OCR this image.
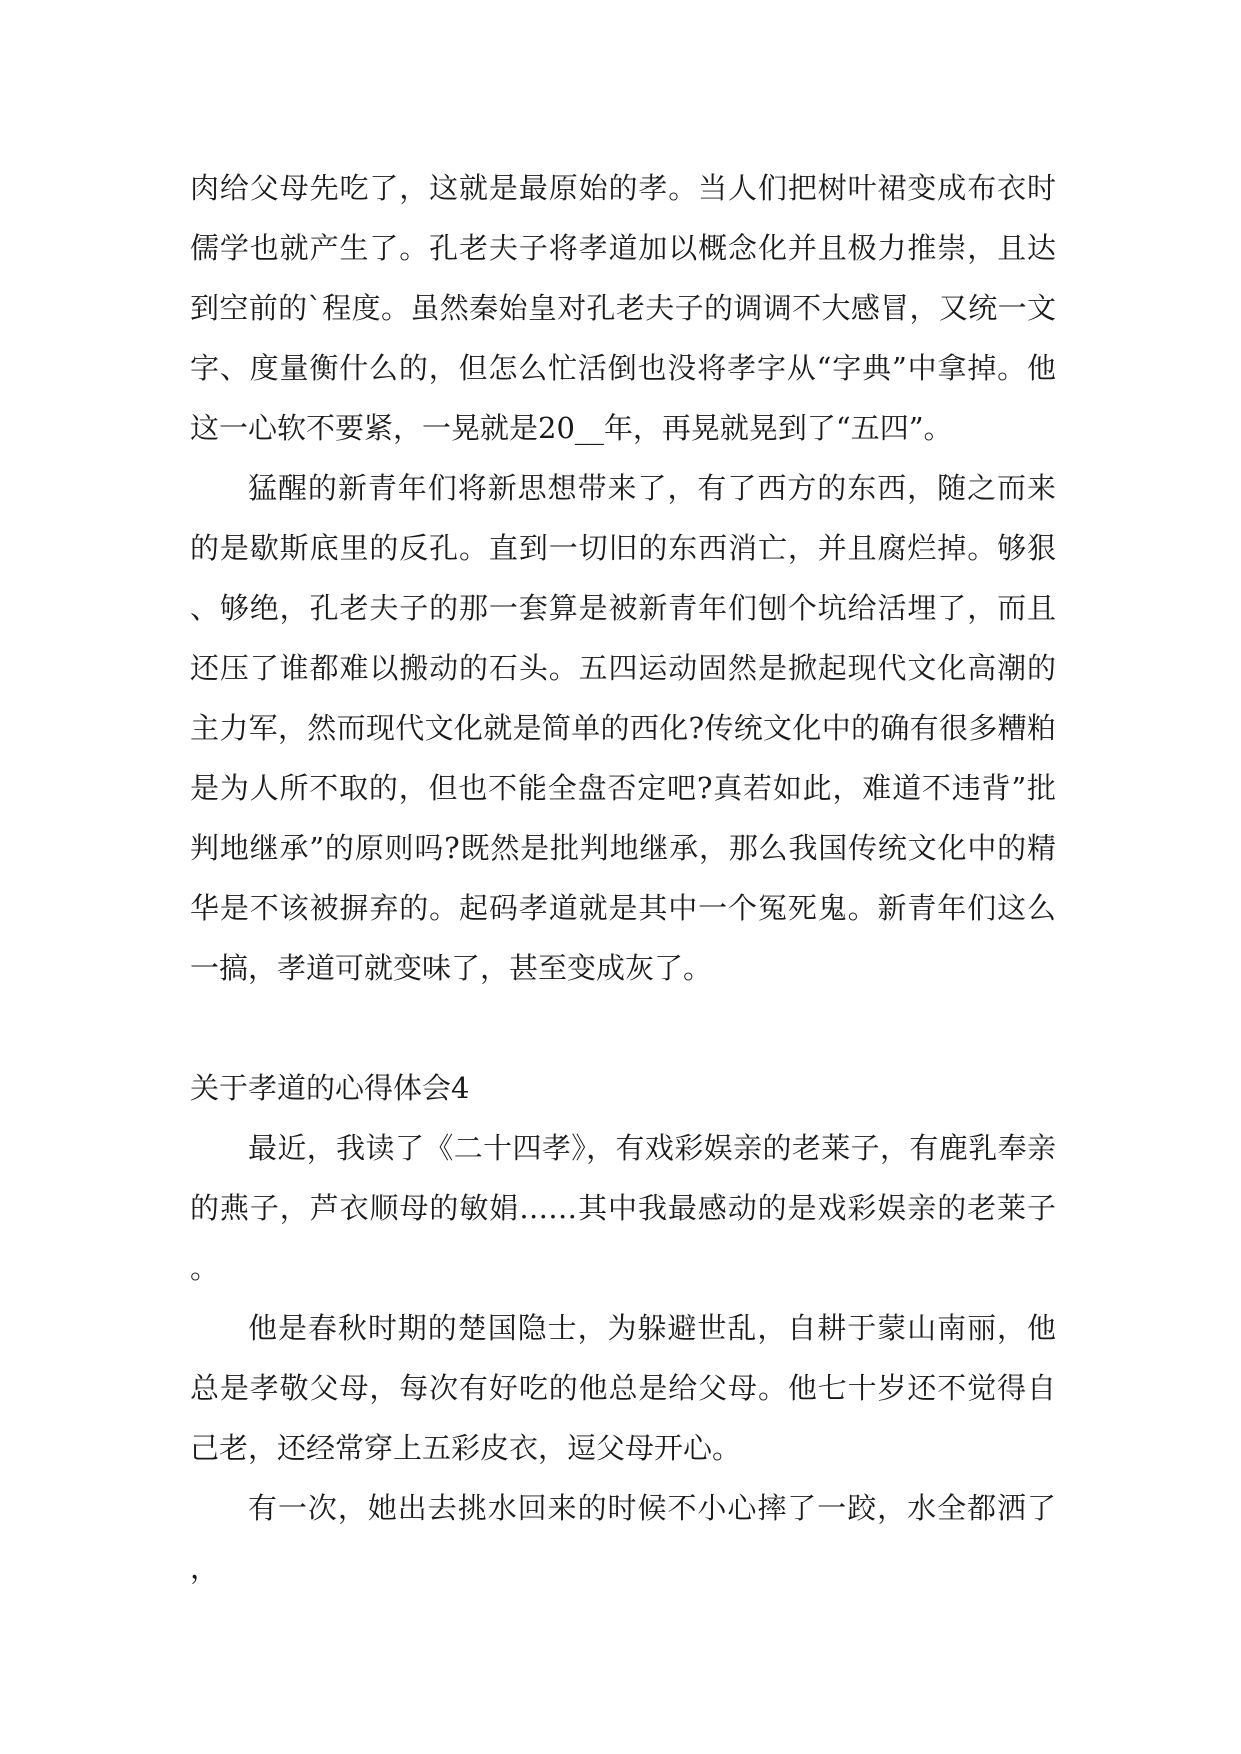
肉给父母先吃了，这就是最原始的孝。当人们把树叶裙变成布衣时儒学也就产生了。孔老夫子将孝道加以概念化并且极力推崇，且达到空前的`程度。虽然秦始皇对孔老夫子的调调不大感冒，又统一文字、度量衡什么的，但怎么忙活倒也没将孝字从“字典”中拿掉。他这一心软不要紧，一晃就是20__年，再晃就晃到了“五四”。

猛醒的新青年们将新思想带来了，有了西方的东西，随之而来的是歇斯底里的反孔。直到一切旧的东西消亡，并且腐烂掉。够狠、够绝，孔老夫子的那一套算是被新青年们刨个坑给活埋了，而且还压了谁都难以搬动的石头。五四运动固然是掀起现代文化高潮的主力军，然而现代文化就是简单的西化?传统文化中的确有很多糟粕是为人所不取的，但也不能全盘否定吧?真若如此，难道不违背”批判地继承”的原则吗?既然是批判地继承，那么我国传统文化中的精华是不该被摒弃的。起码孝道就是其中一个冤死鬼。新青年们这么一搞，孝道可就变味了，甚至变成灰了。

关于孝道的心得体会4

最近，我读了《二十四孝》，有戏彩娱亲的老莱子，有鹿乳奉亲的燕子，芦衣顺母的敏娟……其中我最感动的是戏彩娱亲的老莱子。

他是春秋时期的楚国隐士，为躲避世乱，自耕于蒙山南丽，他总是孝敬父母，每次有好吃的他总是给父母。他七十岁还不觉得自己老，还经常穿上五彩皮衣，逗父母开心。

有一次，她出去挑水回来的时候不小心摔了一跤，水全都洒了，
